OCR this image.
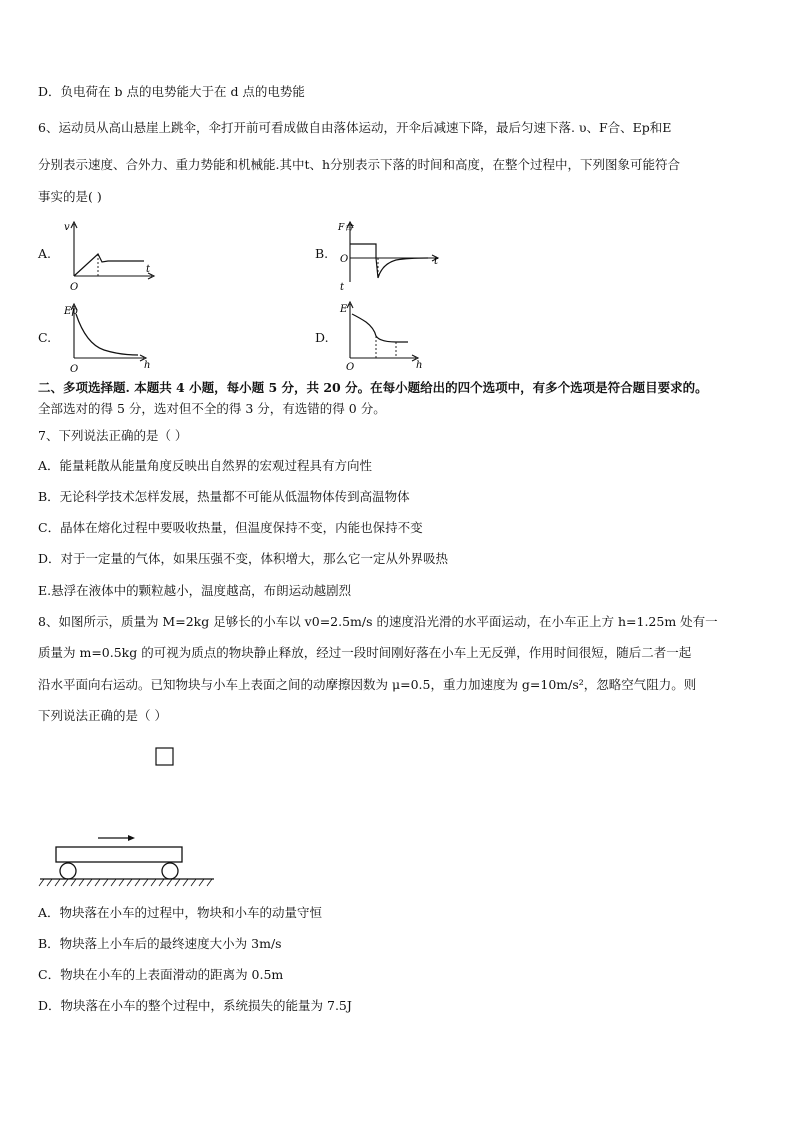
D．负电荷在 b 点的电势能大于在 d 点的电势能
6、运动员从高山悬崖上跳伞，伞打开前可看成做自由落体运动，开伞后减速下降，最后匀速下落. υ、F合、Ep和E
分别表示速度、合外力、重力势能和机械能.其中t、h分别表示下落的时间和高度，在整个过程中，下列图象可能符合
事实的是( )
A.
v
t
O
B.
F合
t
O
t
C.
Ep
h
O
D.
E
h
O
二、多项选择题. 本题共 4 小题，每小题 5 分，共 20 分。在每小题给出的四个选项中，有多个选项是符合题目要求的。
全部选对的得 5 分，选对但不全的得 3 分，有选错的得 0 分。
7、下列说法正确的是（ ）
A．能量耗散从能量角度反映出自然界的宏观过程具有方向性
B．无论科学技术怎样发展，热量都不可能从低温物体传到高温物体
C．晶体在熔化过程中要吸收热量，但温度保持不变，内能也保持不变
D．对于一定量的气体，如果压强不变，体积增大，那么它一定从外界吸热
E.悬浮在液体中的颗粒越小，温度越高，布朗运动越剧烈
8、如图所示，质量为 M=2kg 足够长的小车以 v0=2.5m/s 的速度沿光滑的水平面运动，在小车正上方 h=1.25m 处有一
质量为 m=0.5kg 的可视为质点的物块静止释放，经过一段时间刚好落在小车上无反弹，作用时间很短，随后二者一起
沿水平面向右运动。已知物块与小车上表面之间的动摩擦因数为 μ=0.5，重力加速度为 g=10m/s²，忽略空气阻力。则
下列说法正确的是（ ）
A．物块落在小车的过程中，物块和小车的动量守恒
B．物块落上小车后的最终速度大小为 3m/s
C．物块在小车的上表面滑动的距离为 0.5m
D．物块落在小车的整个过程中，系统损失的能量为 7.5J
